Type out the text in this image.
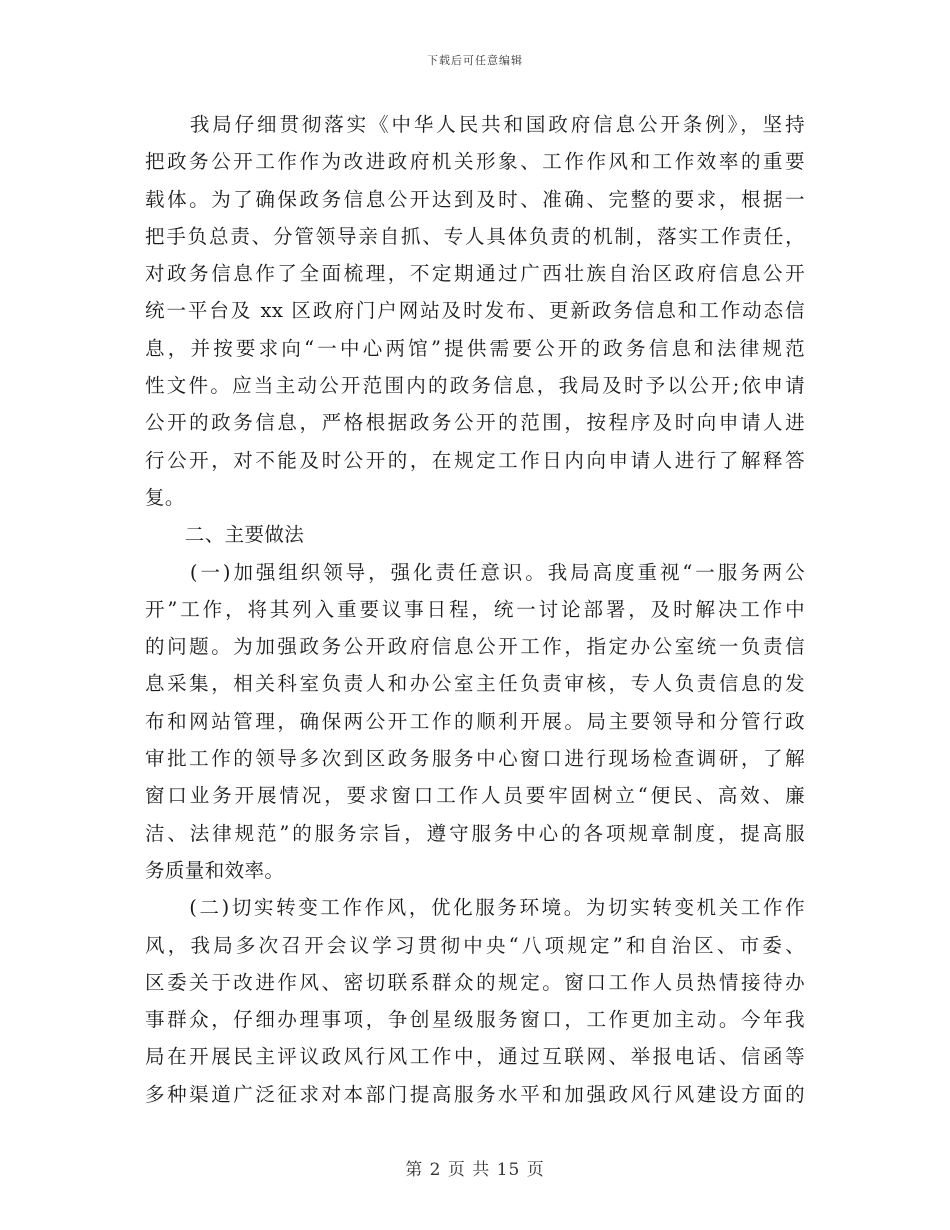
下载后可任意编辑
　　我局仔细贯彻落实《中华人民共和国政府信息公开条例》，坚持
把政务公开工作作为改进政府机关形象、工作作风和工作效率的重要
载体。为了确保政务信息公开达到及时、准确、完整的要求，根据一
把手负总责、分管领导亲自抓、专人具体负责的机制，落实工作责任，
对政务信息作了全面梳理，不定期通过广西壮族自治区政府信息公开
统一平台及 xx 区政府门户网站及时发布、更新政务信息和工作动态信
息，并按要求向“一中心两馆”提供需要公开的政务信息和法律规范
性文件。应当主动公开范围内的政务信息，我局及时予以公开;依申请
公开的政务信息，严格根据政务公开的范围，按程序及时向申请人进
行公开，对不能及时公开的，在规定工作日内向申请人进行了解释答
复。
　　二、主要做法
　　(一)加强组织领导，强化责任意识。我局高度重视“一服务两公
开”工作，将其列入重要议事日程，统一讨论部署，及时解决工作中
的问题。为加强政务公开政府信息公开工作，指定办公室统一负责信
息采集，相关科室负责人和办公室主任负责审核，专人负责信息的发
布和网站管理，确保两公开工作的顺利开展。局主要领导和分管行政
审批工作的领导多次到区政务服务中心窗口进行现场检查调研，了解
窗口业务开展情况，要求窗口工作人员要牢固树立“便民、高效、廉
洁、法律规范”的服务宗旨，遵守服务中心的各项规章制度，提高服
务质量和效率。
　　(二)切实转变工作作风，优化服务环境。为切实转变机关工作作
风，我局多次召开会议学习贯彻中央“八项规定”和自治区、市委、
区委关于改进作风、密切联系群众的规定。窗口工作人员热情接待办
事群众，仔细办理事项，争创星级服务窗口，工作更加主动。今年我
局在开展民主评议政风行风工作中，通过互联网、举报电话、信函等
多种渠道广泛征求对本部门提高服务水平和加强政风行风建设方面的
第 2 页 共 15 页
